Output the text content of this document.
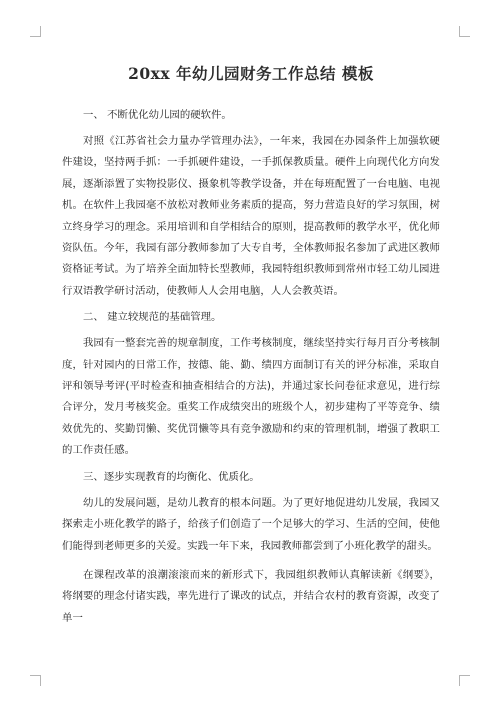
20xx 年幼儿园财务工作总结 模板
一、 不断优化幼儿园的硬软件。

对照《江苏省社会力量办学管理办法》，一年来，我园在办园条件上加强软硬件建设，坚持两手抓：一手抓硬件建设，一手抓保教质量。硬件上向现代化方向发展，逐渐添置了实物投影仪、摄象机等教学设备，并在每班配置了一台电脑、电视机。在软件上我园毫不放松对教师业务素质的提高，努力营造良好的学习氛围，树立终身学习的理念。采用培训和自学相结合的原则，提高教师的教学水平，优化师资队伍。今年，我园有部分教师参加了大专自考，全体教师报名参加了武进区教师资格证考试。为了培养全面加特长型教师，我园特组织教师到常州市轻工幼儿园进行双语教学研讨活动，使教师人人会用电脑，人人会教英语。

二、 建立较规范的基础管理。

我园有一整套完善的规章制度，工作考核制度，继续坚持实行每月百分考核制度，针对园内的日常工作，按德、能、勤、绩四方面制订有关的评分标准，采取自评和领导考评(平时检查和抽查相结合的方法)，并通过家长问卷征求意见，进行综合评分，发月考核奖金。重奖工作成绩突出的班级个人，初步建构了平等竞争、绩效优先的、奖勤罚懒、奖优罚懒等具有竞争激励和约束的管理机制，增强了教职工的工作责任感。

三、逐步实现教育的均衡化、优质化。

幼儿的发展问题，是幼儿教育的根本问题。为了更好地促进幼儿发展，我园又探索走小班化教学的路子，给孩子们创造了一个足够大的学习、生活的空间，使他们能得到老师更多的关爱。实践一年下来，我园教师都尝到了小班化教学的甜头。

在课程改革的浪潮滚滚而来的新形式下，我园组织教师认真解读新《纲要》，将纲要的理念付诸实践，率先进行了课改的试点，并结合农村的教育资源，改变了单一
